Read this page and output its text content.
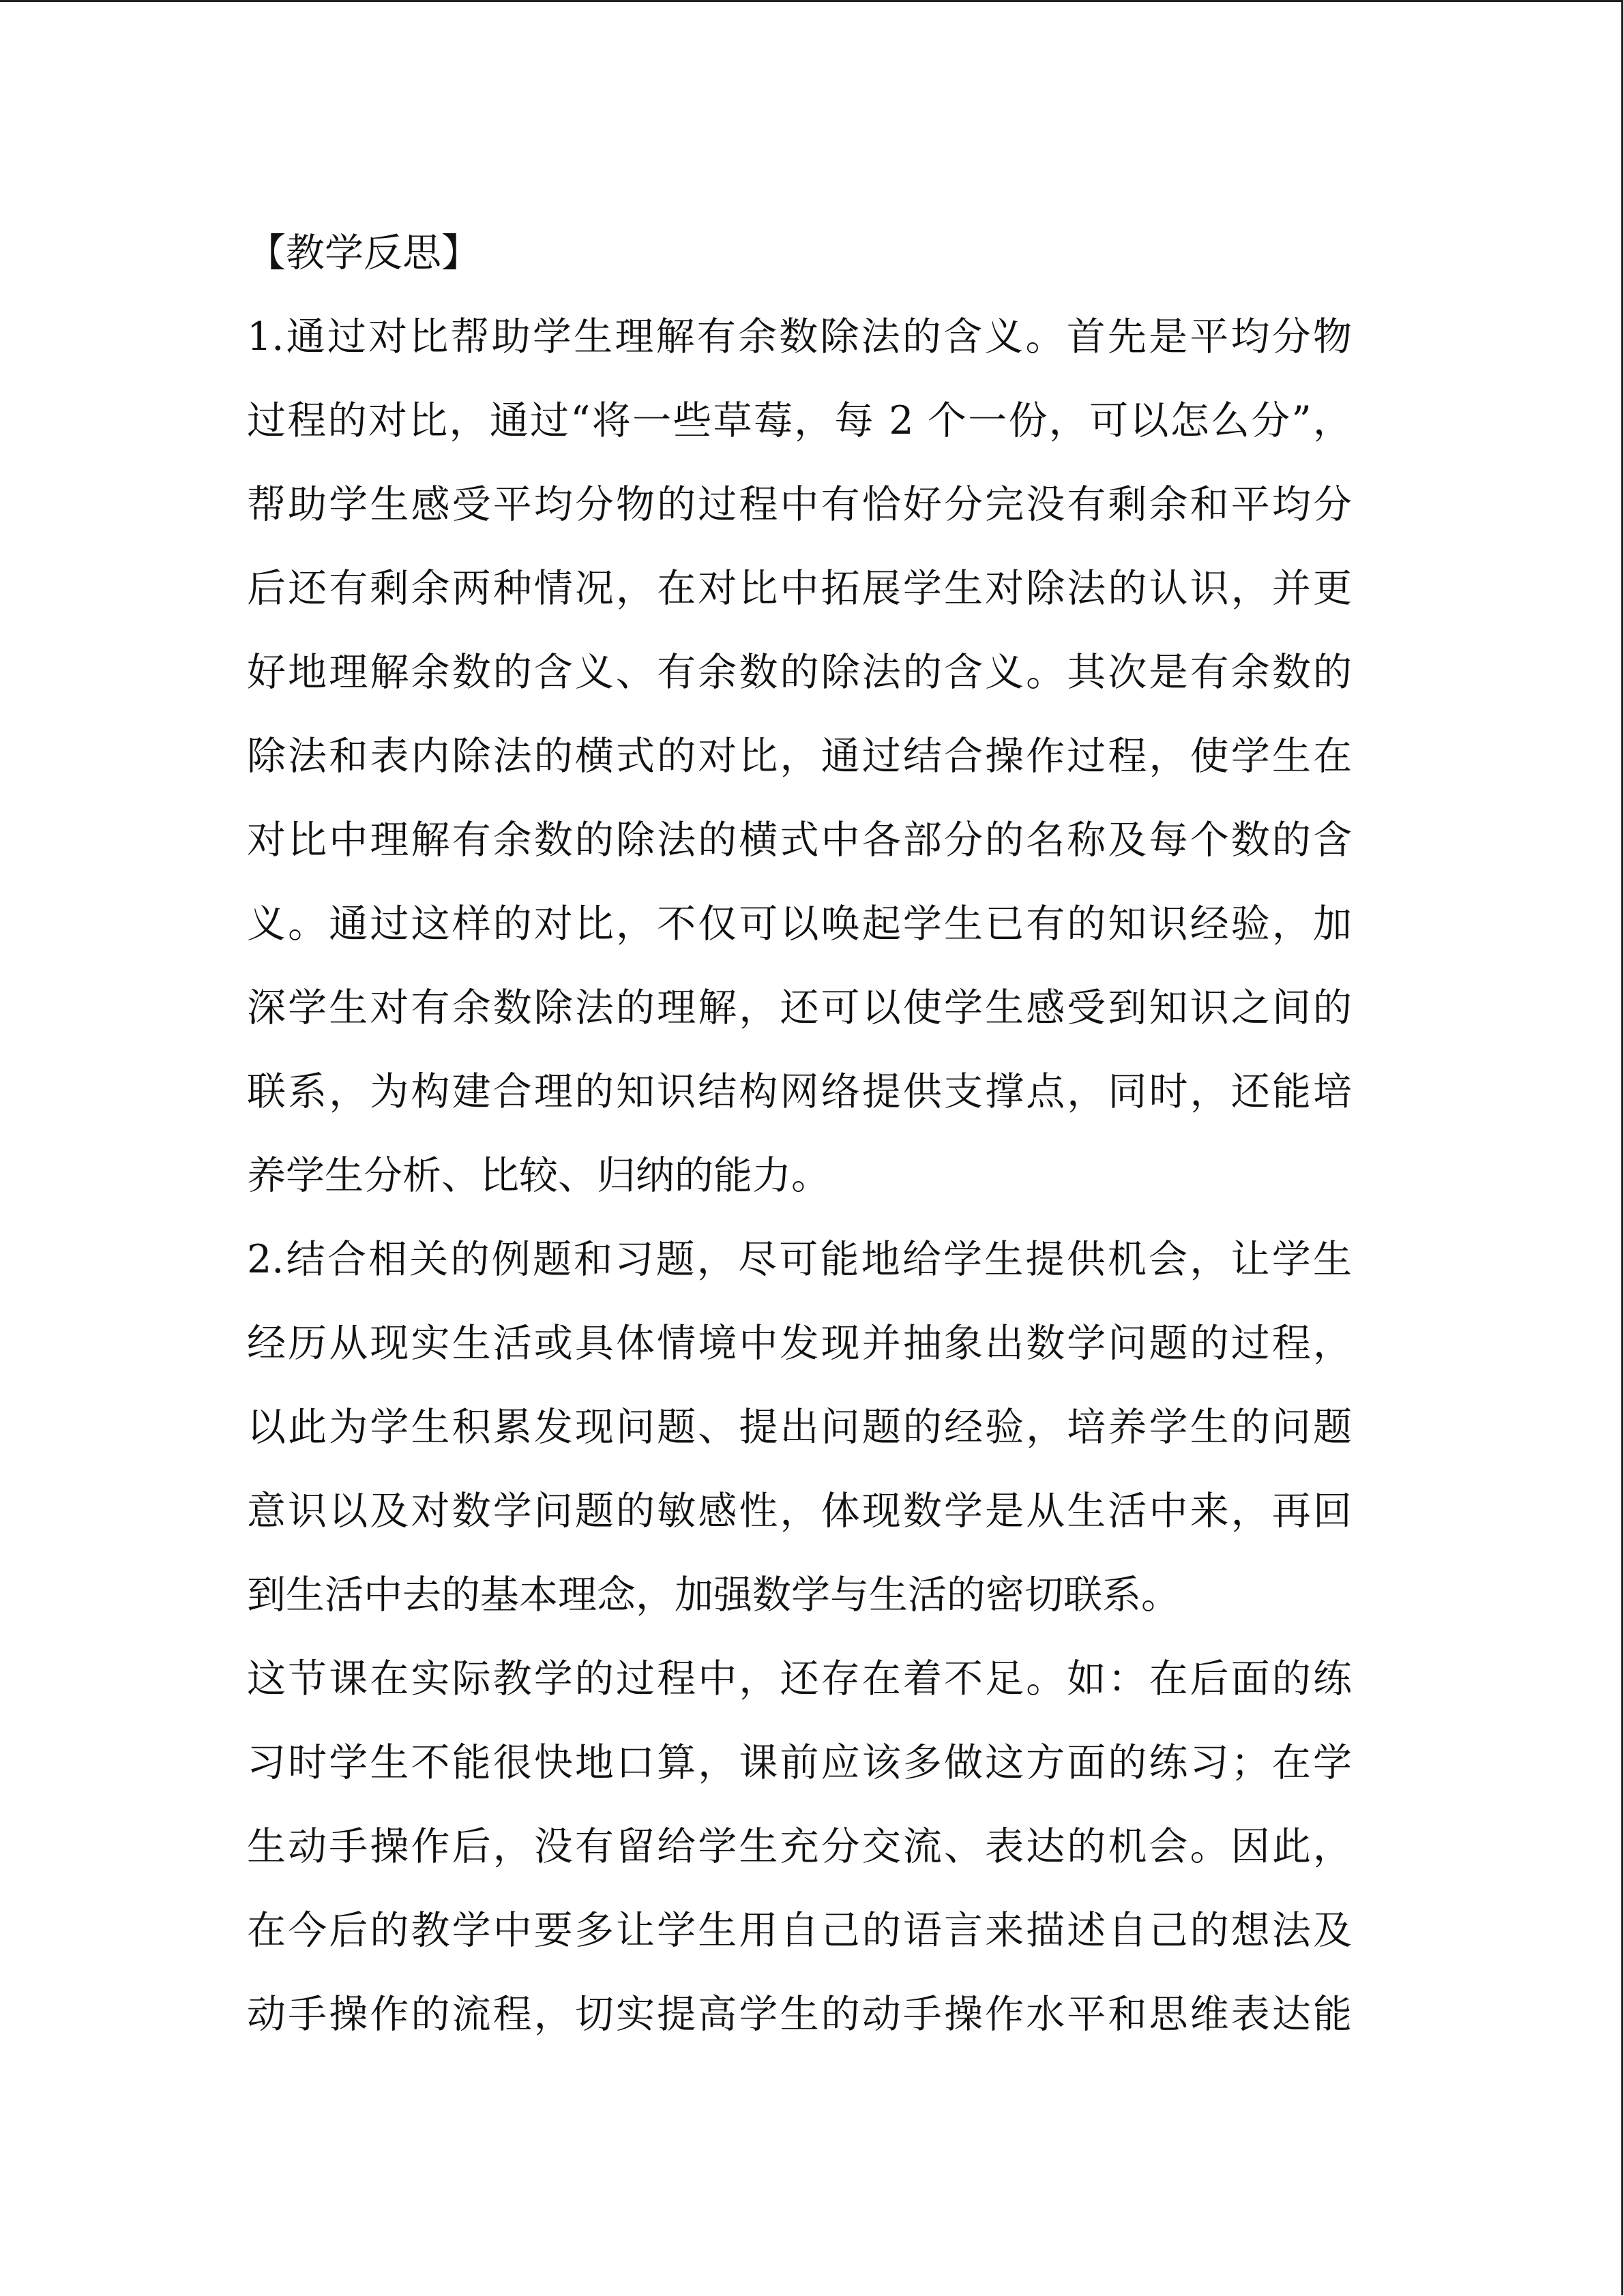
【教学反思】
1.通过对比帮助学生理解有余数除法的含义。首先是平均分物
过程的对比，通过“将一些草莓，每 2 个一份，可以怎么分”，
帮助学生感受平均分物的过程中有恰好分完没有剩余和平均分
后还有剩余两种情况，在对比中拓展学生对除法的认识，并更
好地理解余数的含义、有余数的除法的含义。其次是有余数的
除法和表内除法的横式的对比，通过结合操作过程，使学生在
对比中理解有余数的除法的横式中各部分的名称及每个数的含
义。通过这样的对比，不仅可以唤起学生已有的知识经验，加
深学生对有余数除法的理解，还可以使学生感受到知识之间的
联系，为构建合理的知识结构网络提供支撑点，同时，还能培
养学生分析、比较、归纳的能力。
2.结合相关的例题和习题，尽可能地给学生提供机会，让学生
经历从现实生活或具体情境中发现并抽象出数学问题的过程，
以此为学生积累发现问题、提出问题的经验，培养学生的问题
意识以及对数学问题的敏感性，体现数学是从生活中来，再回
到生活中去的基本理念，加强数学与生活的密切联系。
这节课在实际教学的过程中，还存在着不足。如：在后面的练
习时学生不能很快地口算，课前应该多做这方面的练习；在学
生动手操作后，没有留给学生充分交流、表达的机会。因此，
在今后的教学中要多让学生用自己的语言来描述自己的想法及
动手操作的流程，切实提高学生的动手操作水平和思维表达能
